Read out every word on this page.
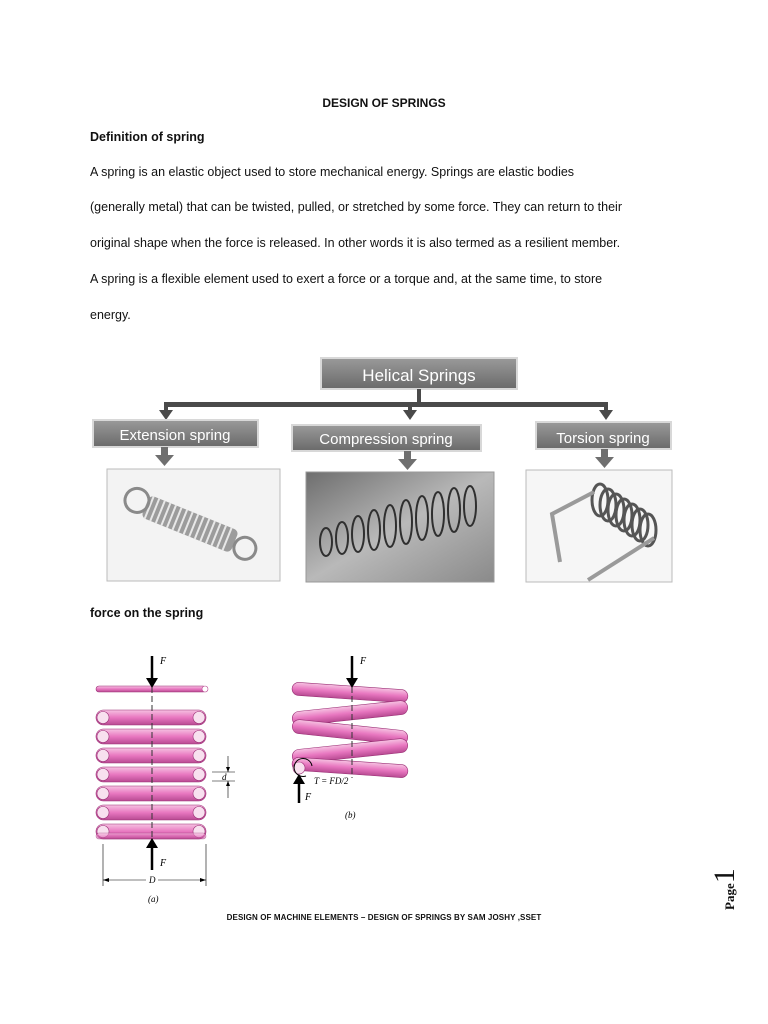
DESIGN OF SPRINGS
Definition of spring
A spring is an elastic object used to store mechanical energy. Springs are elastic bodies
(generally metal) that can be twisted, pulled, or stretched by some force. They can return to their
original shape when the force is released. In other words it is also termed as a resilient member.
A spring is a flexible element used to exert a force or a torque and, at the same time, to store
energy.
Helical Springs
Extension spring	Compression spring	Torsion spring
force on the spring
F
F
d
D
(a)
F
F
T = FD/2
(b)
DESIGN OF MACHINE ELEMENTS – DESIGN OF SPRINGS BY SAM JOSHY ,SSET
Page1
